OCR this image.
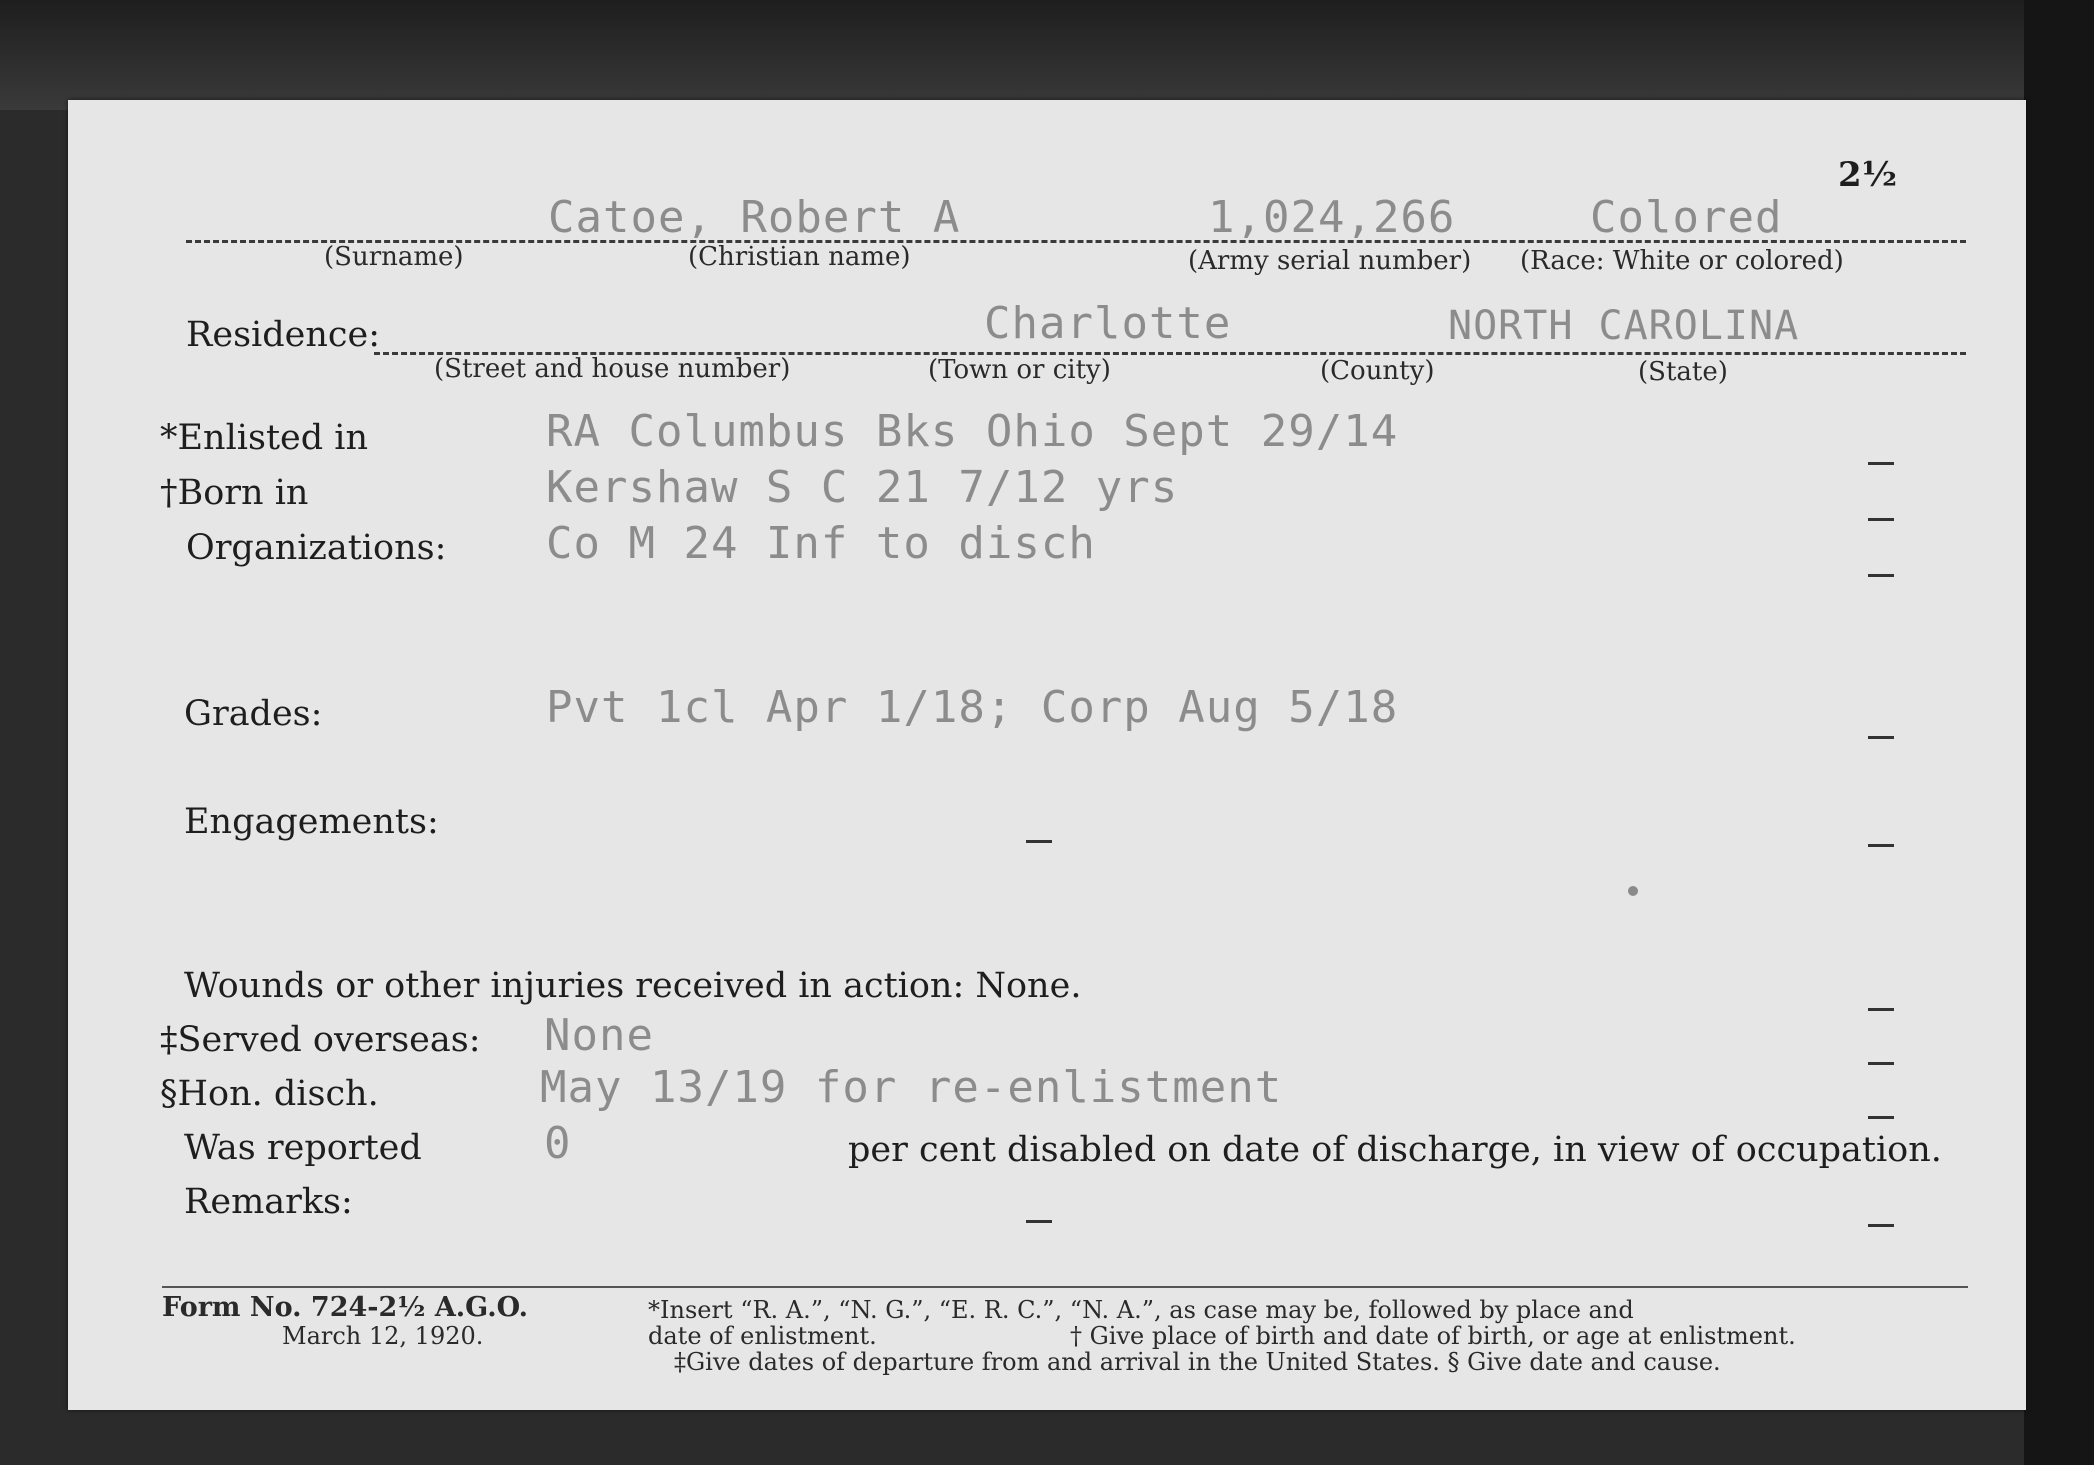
2½
Catoe, Robert A	1,024,266	Colored
(Surname)	(Christian name)	(Army serial number) (Race: White or colored)
Residence:	Charlotte	NORTH CAROLINA
(Street and house number)	(Town or city)	(County)	(State)
*Enlisted in	RA Columbus Bks Ohio Sept 29/14
†Born in	Kershaw S C 21 7/12 yrs
Organizations: Co M 24 Inf to disch
Grades:	Pvt 1cl Apr 1/18; Corp Aug 5/18
Engagements:
Wounds or other injuries received in action: None.
‡Served overseas: None
§Hon. disch.	May 13/19 for re-enlistment
Was reported	0	per cent disabled on date of discharge, in view of occupation.
Remarks:
Form No. 724-2½ A.G.O.
March 12, 1920.
*Insert “R. A.”, “N. G.”, “E. R. C.”, “N. A.”, as case may be, followed by place and
date of enlistment.	† Give place of birth and date of birth, or age at enlistment.
‡Give dates of departure from and arrival in the United States. § Give date and cause.
